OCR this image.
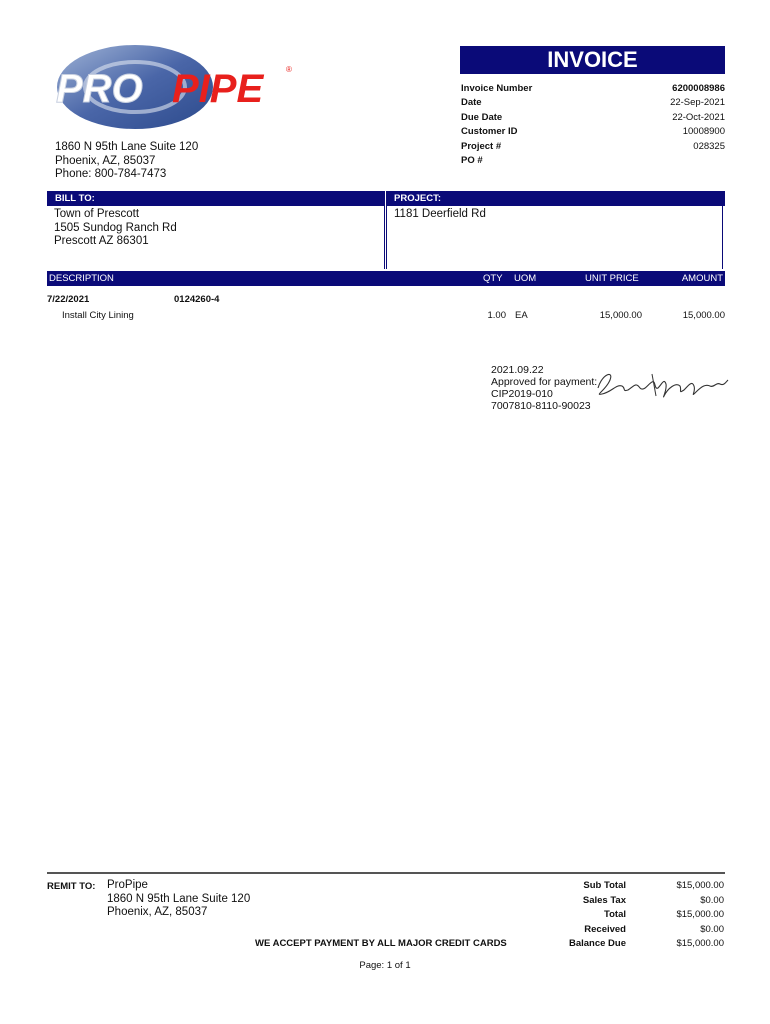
PRO PIPE	®	INVOICE
Invoice Number	6200008986
Date	22-Sep-2021
Due Date	22-Oct-2021
Customer ID	10008900
Project #	028325
PO #
1860 N 95th Lane Suite 120
Phoenix, AZ, 85037
Phone: 800-784-7473
BILL TO:	PROJECT:
Town of Prescott
1505 Sundog Ranch Rd
Prescott AZ 86301
1181 Deerfield Rd
DESCRIPTION	QTY UOM	UNIT PRICE	AMOUNT
7/22/2021	0124260-4
Install City Lining	1.00 EA	15,000.00	15,000.00
2021.09.22
Approved for payment:
CIP2019-010
7007810-8110-90023
REMIT TO: ProPipe
1860 N 95th Lane Suite 120
Phoenix, AZ, 85037
Sub Total	$15,000.00
Sales Tax	$0.00
Total	$15,000.00
Received	$0.00
Balance Due	$15,000.00
WE ACCEPT PAYMENT BY ALL MAJOR CREDIT CARDS
Page: 1 of 1
